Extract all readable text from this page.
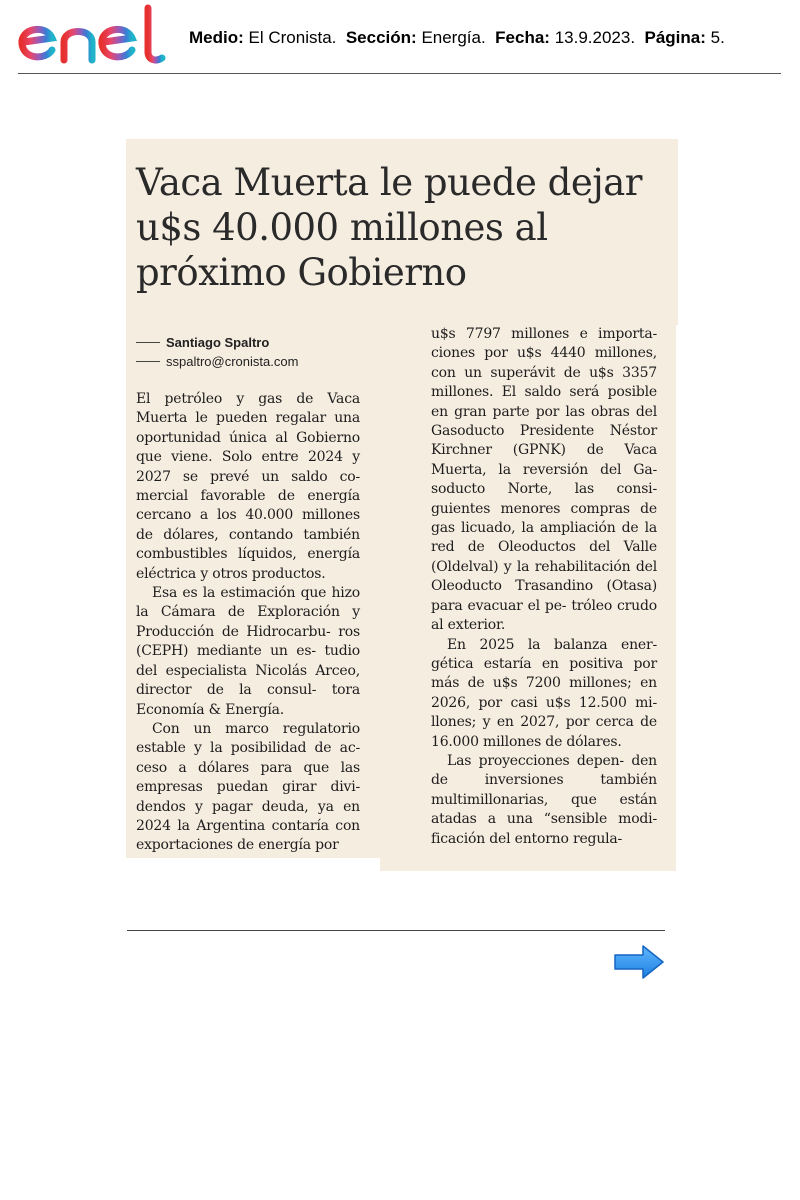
Medio: El Cronista. Sección: Energía. Fecha: 13.9.2023. Página: 5.
Vaca Muerta le puede dejar
u$s 40.000 millones al
próximo Gobierno
Santiago Spaltro
sspaltro@cronista.com

El petróleo y gas de Vaca Muerta le pueden regalar una oportunidad única al Gobierno que viene. Solo entre 2024 y 2027 se prevé un saldo co- mercial favorable de energía cercano a los 40.000 millones de dólares, contando también combustibles líquidos, energía eléctrica y otros productos.

Esa es la estimación que hizo la Cámara de Exploración y Producción de Hidrocarbu- ros (CEPH) mediante un es- tudio del especialista Nicolás Arceo, director de la consul- tora Economía & Energía.

Con un marco regulatorio estable y la posibilidad de ac- ceso a dólares para que las empresas puedan girar divi- dendos y pagar deuda, ya en 2024 la Argentina contaría con exportaciones de energía por

u$s 7797 millones e importa- ciones por u$s 4440 millones, con un superávit de u$s 3357 millones. El saldo será posible en gran parte por las obras del Gasoducto Presidente Néstor Kirchner (GPNK) de Vaca Muerta, la reversión del Ga- soducto Norte, las consi- guientes menores compras de gas licuado, la ampliación de la red de Oleoductos del Valle (Oldelval) y la rehabilitación del Oleoducto Trasandino (Otasa) para evacuar el pe- tróleo crudo al exterior.

En 2025 la balanza ener- gética estaría en positiva por más de u$s 7200 millones; en 2026, por casi u$s 12.500 mi- llones; y en 2027, por cerca de 16.000 millones de dólares.

Las proyecciones depen- den de inversiones también multimillonarias, que están atadas a una “sensible modi- ficación del entorno regula-
